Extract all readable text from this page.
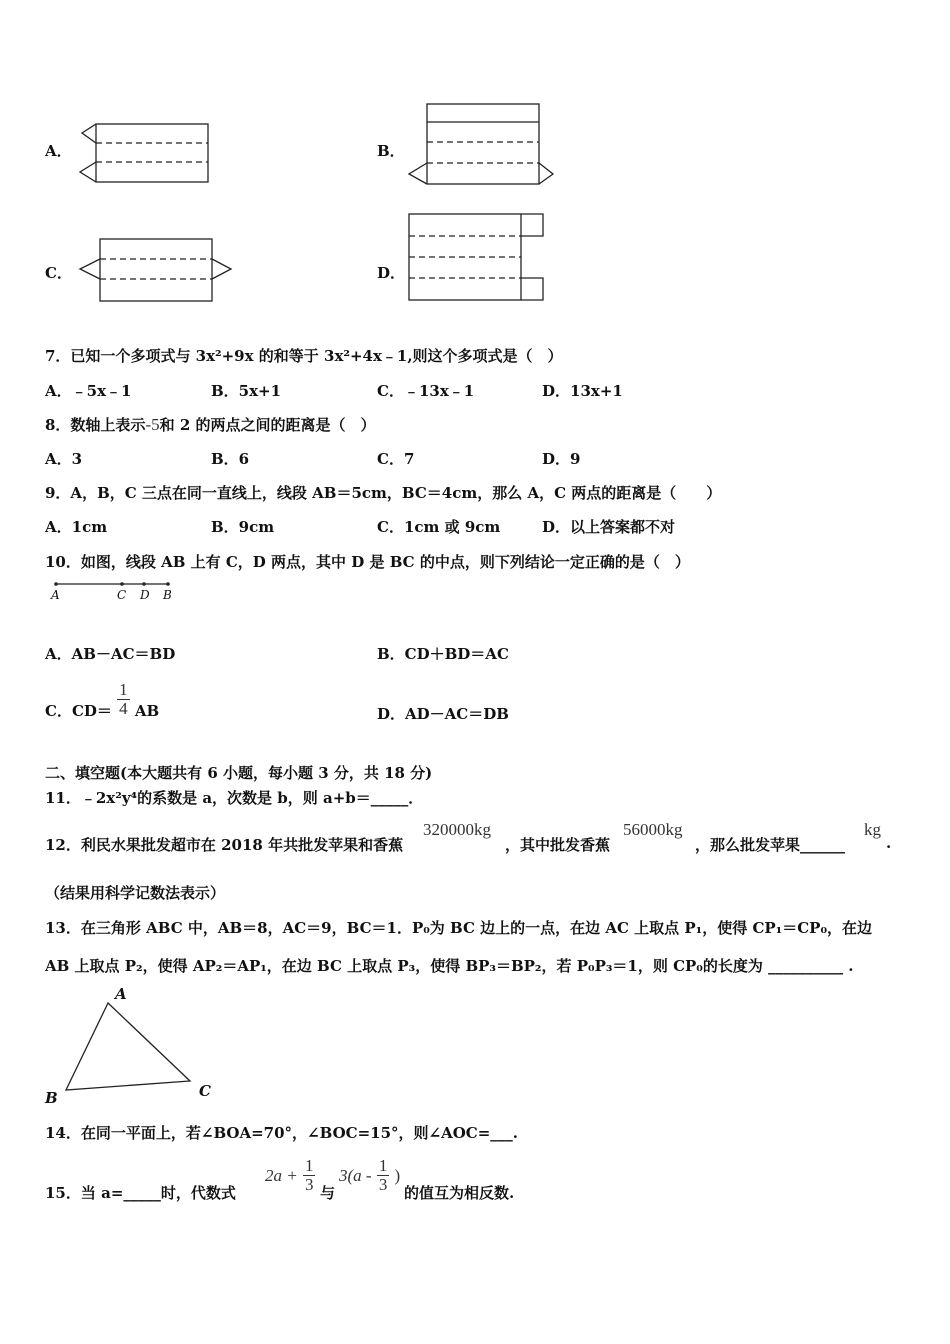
A．	B．
C．	D．
7．已知一个多项式与 3x²+9x 的和等于 3x²+4x﹣1,则这个多项式是（　）
A．﹣5x﹣1	B．5x+1	C．﹣13x﹣1	D．13x+1
8．数轴上表示-5和 2 的两点之间的距离是（　）
A．3	B．6	C．7	D．9
9．A，B，C 三点在同一直线上，线段 AB＝5cm，BC＝4cm，那么 A，C 两点的距离是（　　）
A．1cm	B．9cm	C．1cm 或 9cm	D．以上答案都不对
10．如图，线段 AB 上有 C，D 两点，其中 D 是 BC 的中点，则下列结论一定正确的是（　）
A	C D B
A．AB－AC＝BD	B．CD＋BD＝AC
C．$CD= \frac{1}{4}$ AB	D．AD－AC＝DB
二、填空题(本大题共有 6 小题，每小题 3 分，共 18 分)
11．﹣2x²y⁴的系数是 a，次数是 b，则 a+b＝_____．
12．利民水果批发超市在 2018 年共批发苹果和香蕉
320000kg
，其中批发香蕉
56000kg
，那么批发苹果______
kg
.
（结果用科学记数法表示）
13．在三角形 ABC 中，AB＝8，AC＝9，BC＝1．P₀为 BC 边上的一点，在边 AC 上取点 P₁，使得 CP₁＝CP₀，在边
AB 上取点 P₂，使得 AP₂＝AP₁，在边 BC 上取点 P₃，使得 BP₃＝BP₂，若 P₀P₃＝1，则 CP₀的长度为 __________ .
A
B	C
14．在同一平面上，若∠BOA=70°，∠BOC=15°，则∠AOC=___.
15．当 a=_____时，代数式
$2a + \frac{1}{3}$ 与
$3(a - \frac{1}{3}$ )
的值互为相反数.
